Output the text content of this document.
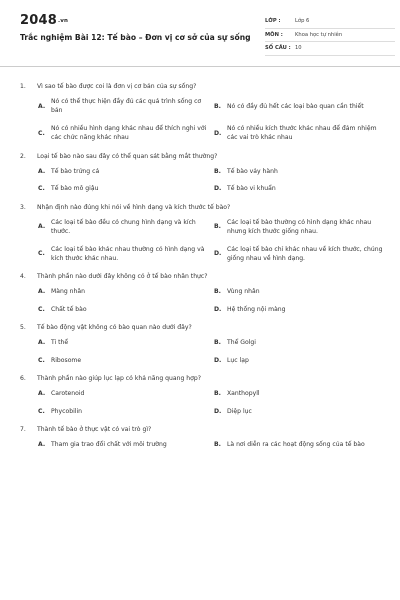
2048.vn
Trắc nghiệm Bài 12: Tế bào – Đơn vị cơ sở của sự sống
LỚP :	Lớp 6
MÔN :	Khoa học tự nhiên
SỐ CÂU : 10
1.	Vì sao tế bào được coi là đơn vị cơ bản của sự sống?
A.
Nó có thể thực hiện đầy đủ các quá trình sống cơ bản
B. Nó có đầy đủ hết các loại bào quan cần thiết
C.
Nó có nhiều hình dạng khác nhau để thích nghi với các chức năng khác nhau
D.
Nó có nhiều kích thước khác nhau để đảm nhiệm các vai trò khác nhau
2.	Loại tế bào nào sau đây có thể quan sát bằng mắt thường?
A. Tế bào trứng cá	B. Tế bào vảy hành
C.	Tế bào mô giậu	D. Tế bào vi khuẩn
3.	Nhận định nào đúng khi nói về hình dạng và kích thước tế bào?
A.
Các loại tế bào đều có chung hình dạng và kích thước.
B.
Các loại tế bào thường có hình dạng khác nhau nhưng kích thước giống nhau.
C.
Các loại tế bào khác nhau thường có hình dạng và kích thước khác nhau.
D.
Các loại tế bào chỉ khác nhau về kích thước, chúng giống nhau về hình dạng.
4.	Thành phần nào dưới đây không có ở tế bào nhân thực?
A. Màng nhân	B. Vùng nhân
C.	Chất tế bào	D. Hệ thống nội màng
5.	Tế bào động vật không có bào quan nào dưới đây?
A. Ti thể	B. Thể Golgi
C.	Ribosome	D. Lục lạp
6.	Thành phần nào giúp lục lạp có khả năng quang hợp?
A. Carotenoid	B. Xanthopyll
C.	Phycobilin	D. Diệp lục
7.	Thành tế bào ở thực vật có vai trò gì?
A. Tham gia trao đổi chất với môi trường	B. Là nơi diễn ra các hoạt động sống của tế bào
